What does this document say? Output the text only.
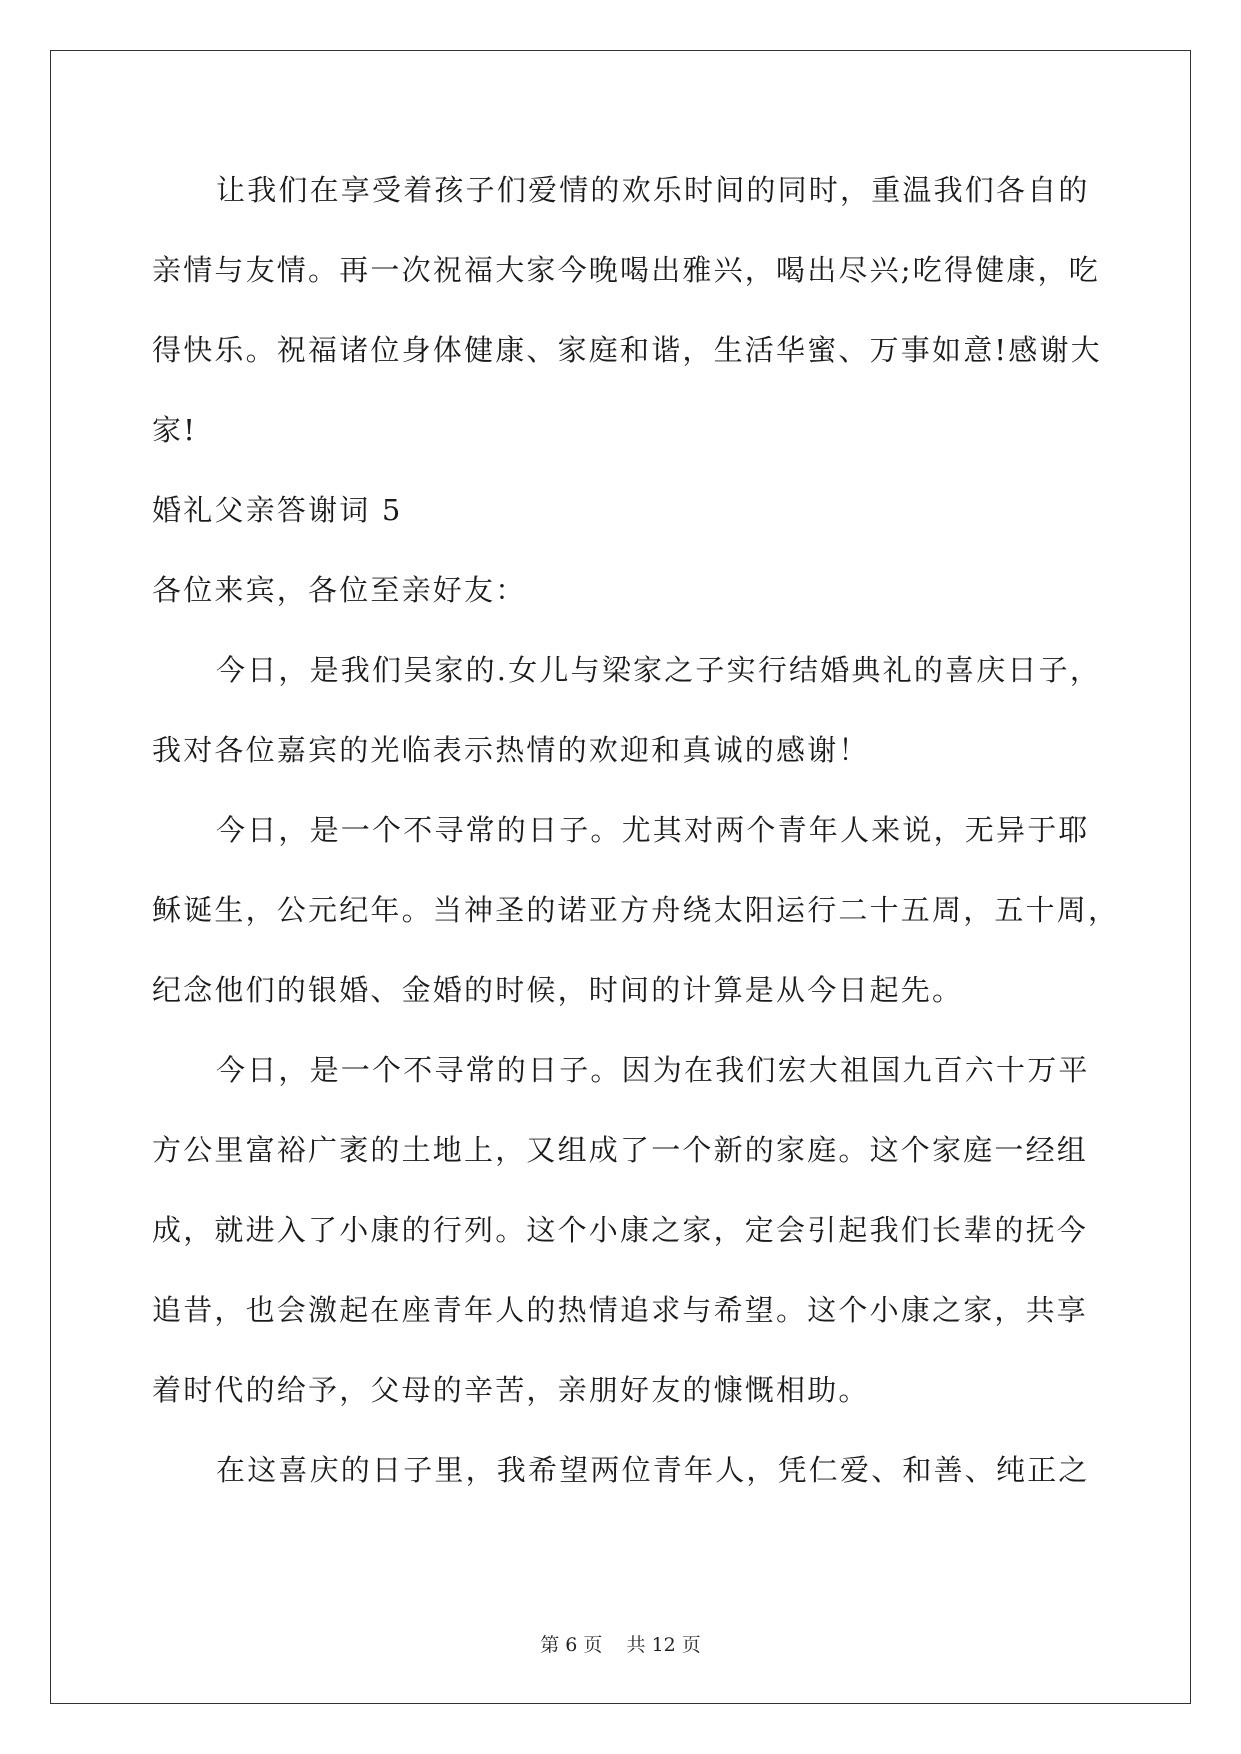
让我们在享受着孩子们爱情的欢乐时间的同时，重温我们各自的
亲情与友情。再一次祝福大家今晚喝出雅兴，喝出尽兴;吃得健康，吃
得快乐。祝福诸位身体健康、家庭和谐，生活华蜜、万事如意!感谢大
家!
婚礼父亲答谢词 5
各位来宾，各位至亲好友：
今日，是我们吴家的.女儿与梁家之子实行结婚典礼的喜庆日子，
我对各位嘉宾的光临表示热情的欢迎和真诚的感谢！
今日，是一个不寻常的日子。尤其对两个青年人来说，无异于耶
稣诞生，公元纪年。当神圣的诺亚方舟绕太阳运行二十五周，五十周，
纪念他们的银婚、金婚的时候，时间的计算是从今日起先。
今日，是一个不寻常的日子。因为在我们宏大祖国九百六十万平
方公里富裕广袤的土地上，又组成了一个新的家庭。这个家庭一经组
成，就进入了小康的行列。这个小康之家，定会引起我们长辈的抚今
追昔，也会激起在座青年人的热情追求与希望。这个小康之家，共享
着时代的给予，父母的辛苦，亲朋好友的慷慨相助。
在这喜庆的日子里，我希望两位青年人，凭仁爱、和善、纯正之
第 6 页    共 12 页
